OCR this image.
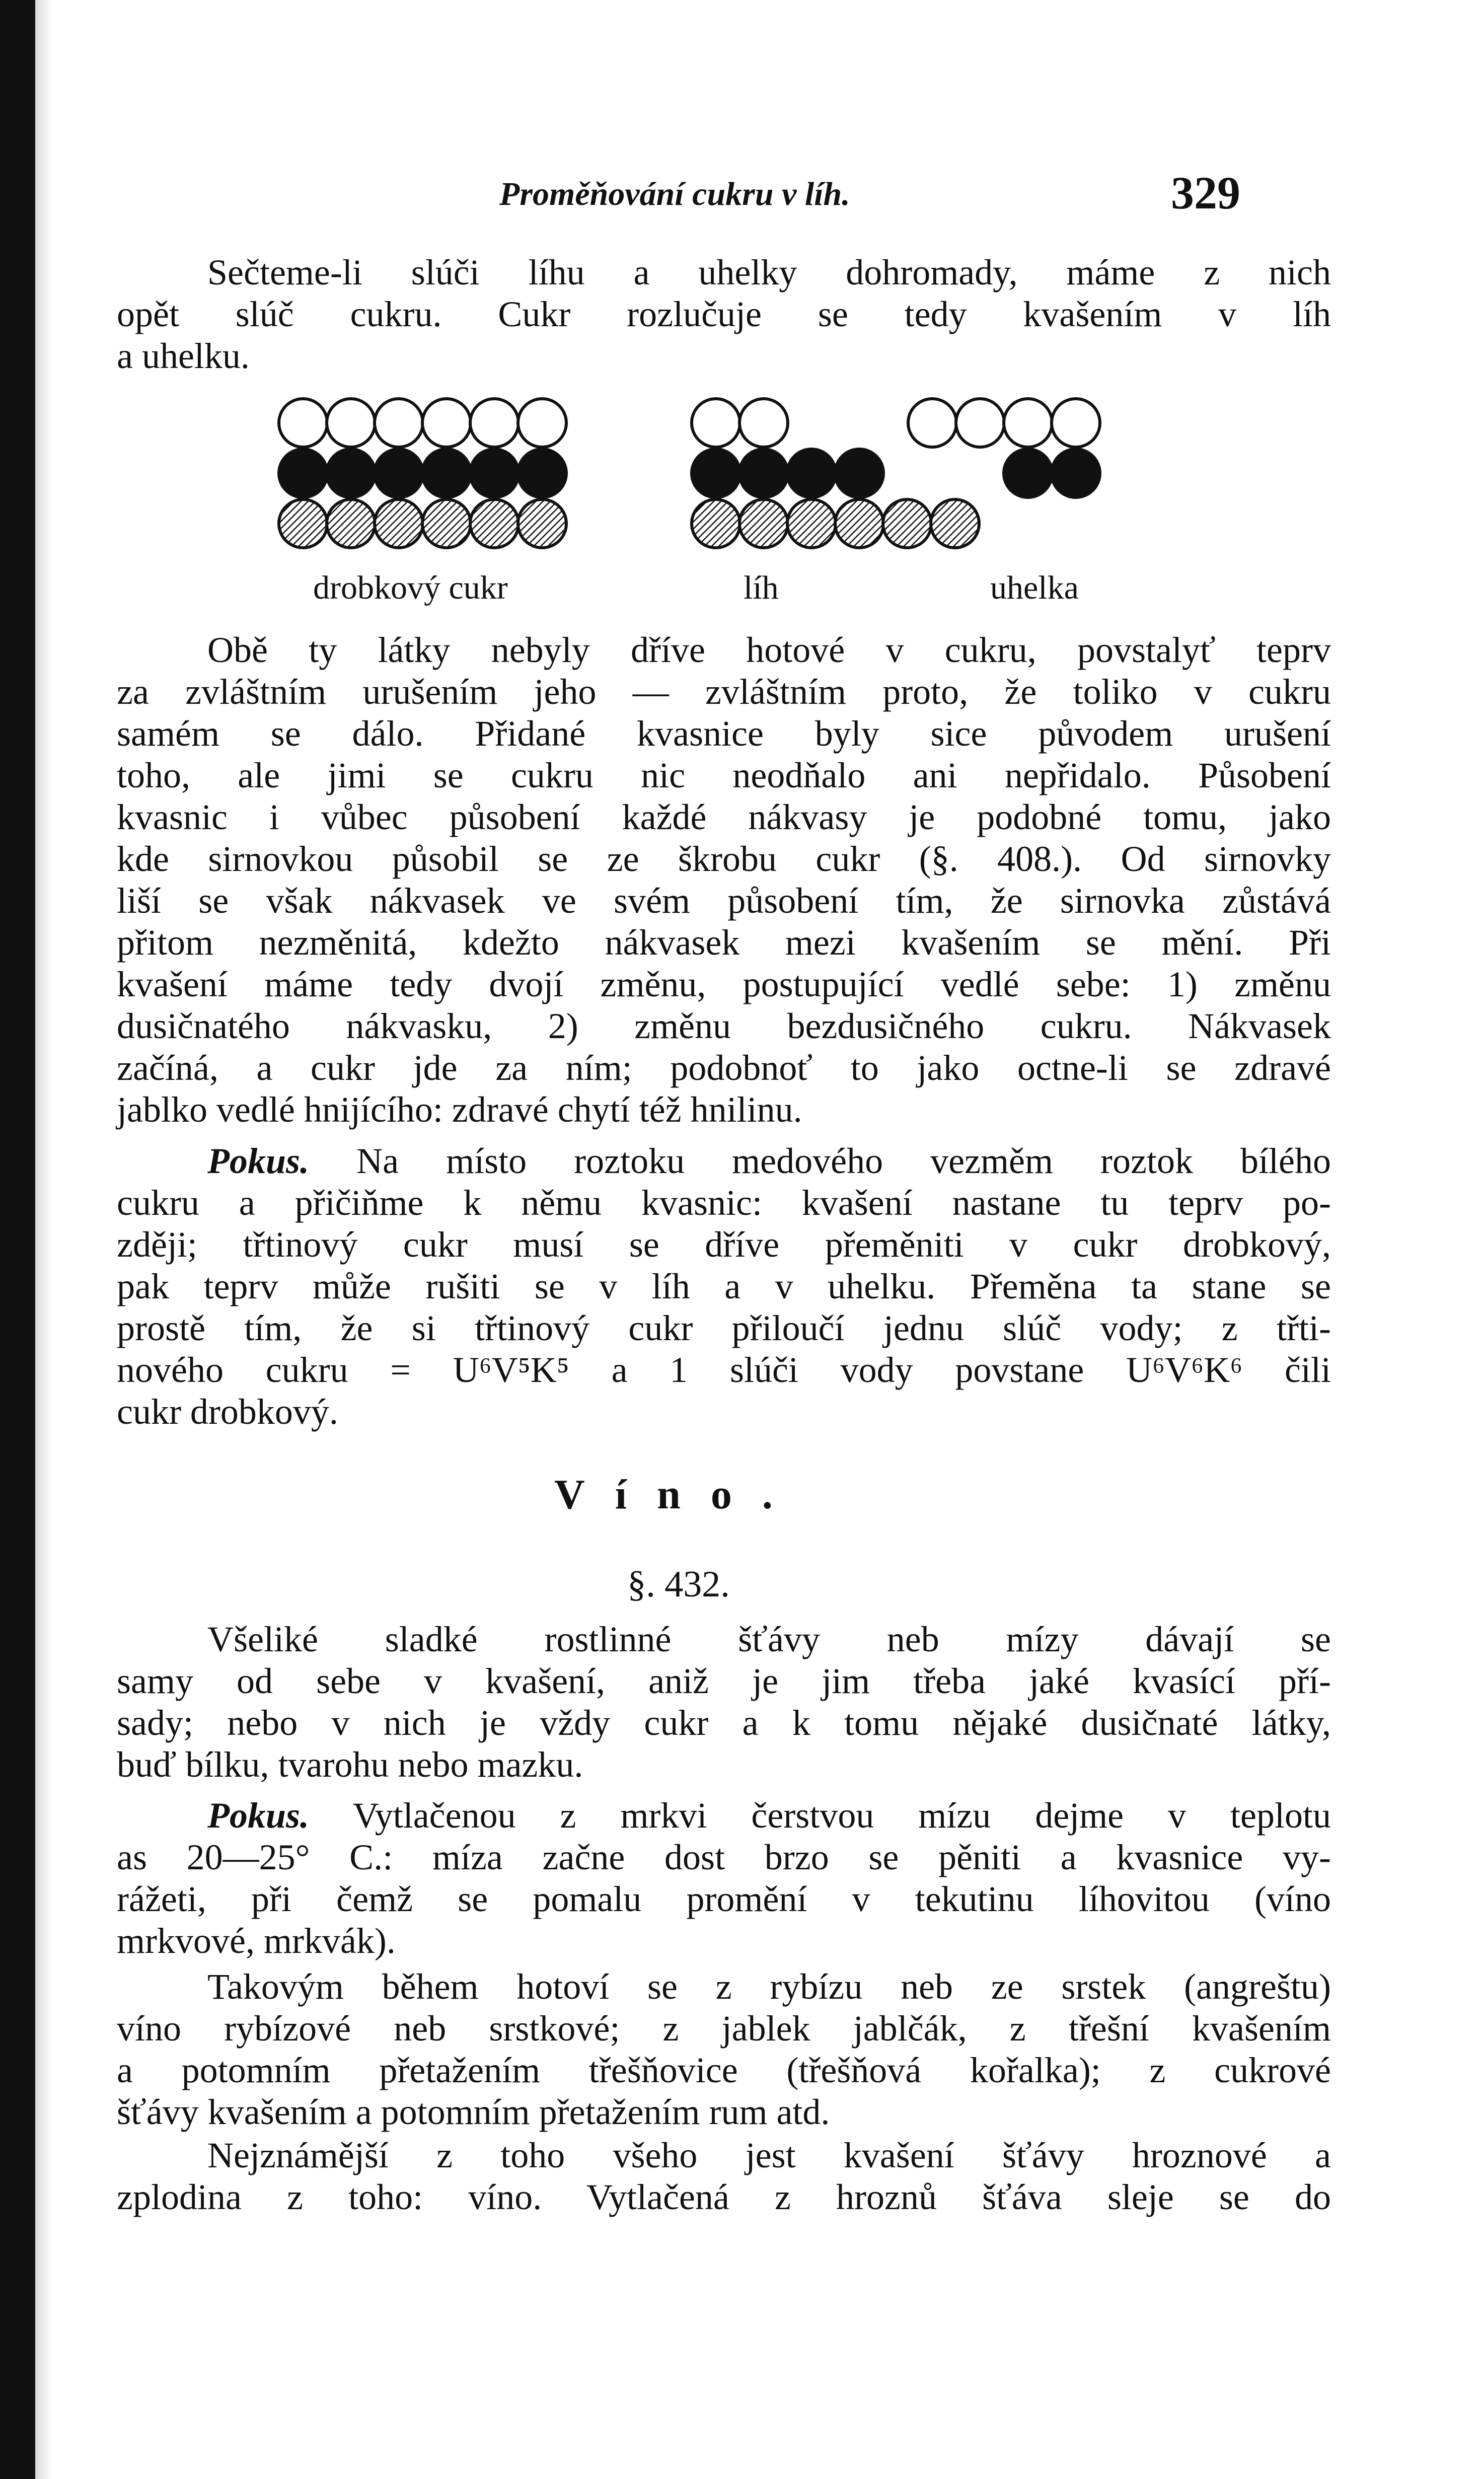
Proměňování cukru v líh.	329

Sečteme-li slúči líhu a uhelky dohromady, máme z nich
opět slúč cukru. Cukr rozlučuje se tedy kvašením v líh
a uhelku.

drobkový cukr	líh	uhelka

Obě ty látky nebyly dříve hotové v cukru, povstalyť teprv
za zvláštním urušením jeho — zvláštním proto, že toliko v cukru
samém se dálo. Přidané kvasnice byly sice původem urušení
toho, ale jimi se cukru nic neodňalo ani nepřidalo. Působení
kvasnic i vůbec působení každé nákvasy je podobné tomu, jako
kde sirnovkou působil se ze škrobu cukr (§. 408.). Od sirnovky
liší se však nákvasek ve svém působení tím, že sirnovka zůstává
přitom nezměnitá, kdežto nákvasek mezi kvašením se mění. Při
kvašení máme tedy dvojí změnu, postupující vedlé sebe: 1) změnu
dusičnatého nákvasku, 2) změnu bezdusičného cukru. Nákvasek
začíná, a cukr jde za ním; podobnoť to jako octne-li se zdravé
jablko vedlé hnijícího: zdravé chytí též hnilinu.

Pokus. Na místo roztoku medového vezměm roztok bílého
cukru a přičiňme k němu kvasnic: kvašení nastane tu teprv po-
zději; třtinový cukr musí se dříve přeměniti v cukr drobkový,
pak teprv může rušiti se v líh a v uhelku. Přeměna ta stane se
prostě tím, že si třtinový cukr přiloučí jednu slúč vody; z třti-
nového cukru = U⁶V⁵K⁵ a 1 slúči vody povstane U⁶V⁶K⁶ čili
cukr drobkový.

Víno.
§. 432.

Všeliké sladké rostlinné šťávy neb mízy dávají se
samy od sebe v kvašení, aniž je jim třeba jaké kvasící pří-
sady; nebo v nich je vždy cukr a k tomu nějaké dusičnaté látky,
buď bílku, tvarohu nebo mazku.

Pokus. Vytlačenou z mrkvi čerstvou mízu dejme v teplotu
as 20—25° C.: míza začne dost brzo se pěniti a kvasnice vy-
rážeti, při čemž se pomalu promění v tekutinu líhovitou (víno
mrkvové, mrkvák).

Takovým během hotoví se z rybízu neb ze srstek (angreštu)
víno rybízové neb srstkové; z jablek jablčák, z třešní kvašením
a potomním přetažením třešňovice (třešňová kořalka); z cukrové
šťávy kvašením a potomním přetažením rum atd.

Nejznámější z toho všeho jest kvašení šťávy hroznové a
zplodina z toho: víno. Vytlačená z hroznů šťáva sleje se do
